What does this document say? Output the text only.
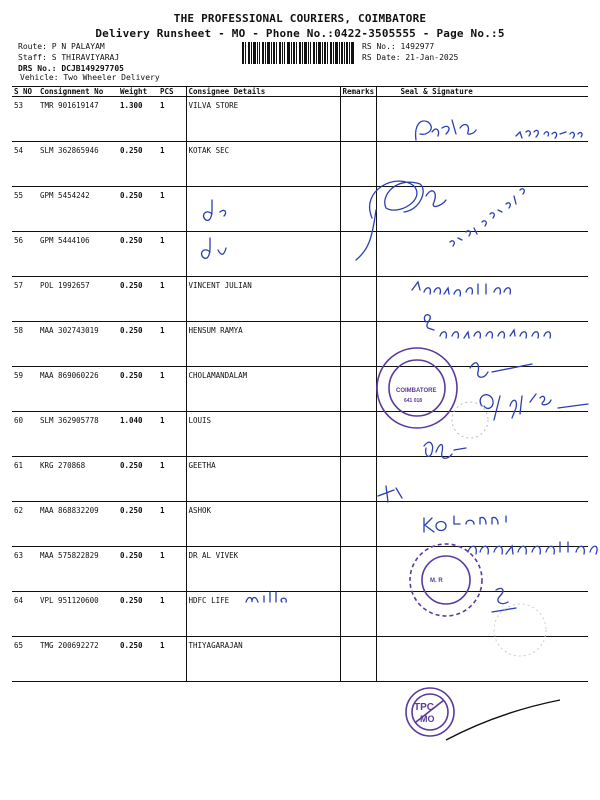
THE PROFESSIONAL COURIERS, COIMBATORE
Delivery Runsheet - MO - Phone No.:0422-3505555 - Page No.:5
Route: P N PALAYAM
Staff: S THIRAVIYARAJ
DRS No.: DCJB149297705
RS No.: 1492977
RS Date: 21-Jan-2025
Vehicle: Two Wheeler Delivery
S NO	Consignment No	Weight	PCS	Consignee Details	Remarks	Seal & Signature
53	TMR 901619147	1.300	1	VILVA STORE		
54	SLM 362865946	0.250	1	KOTAK SEC		
55	GPM 5454242	0.250	1			
56	GPM 5444106	0.250	1			
57	POL 1992657	0.250	1	VINCENT JULIAN		
58	MAA 302743019	0.250	1	HENSUM RAMYA		
59	MAA 869060226	0.250	1	CHOLAMANDALAM		
60	SLM 362905778	1.040	1	LOUIS		
61	KRG 270868	0.250	1	GEETHA		
62	MAA 868832209	0.250	1	ASHOK		
63	MAA 575822829	0.250	1	DR AL VIVEK		
64	VPL 951120600	0.250	1	HDFC LIFE		
65	TMG 200692272	0.250	1	THIYAGARAJAN		
COIMBATORE
641 018
TPC
MO
M. R
